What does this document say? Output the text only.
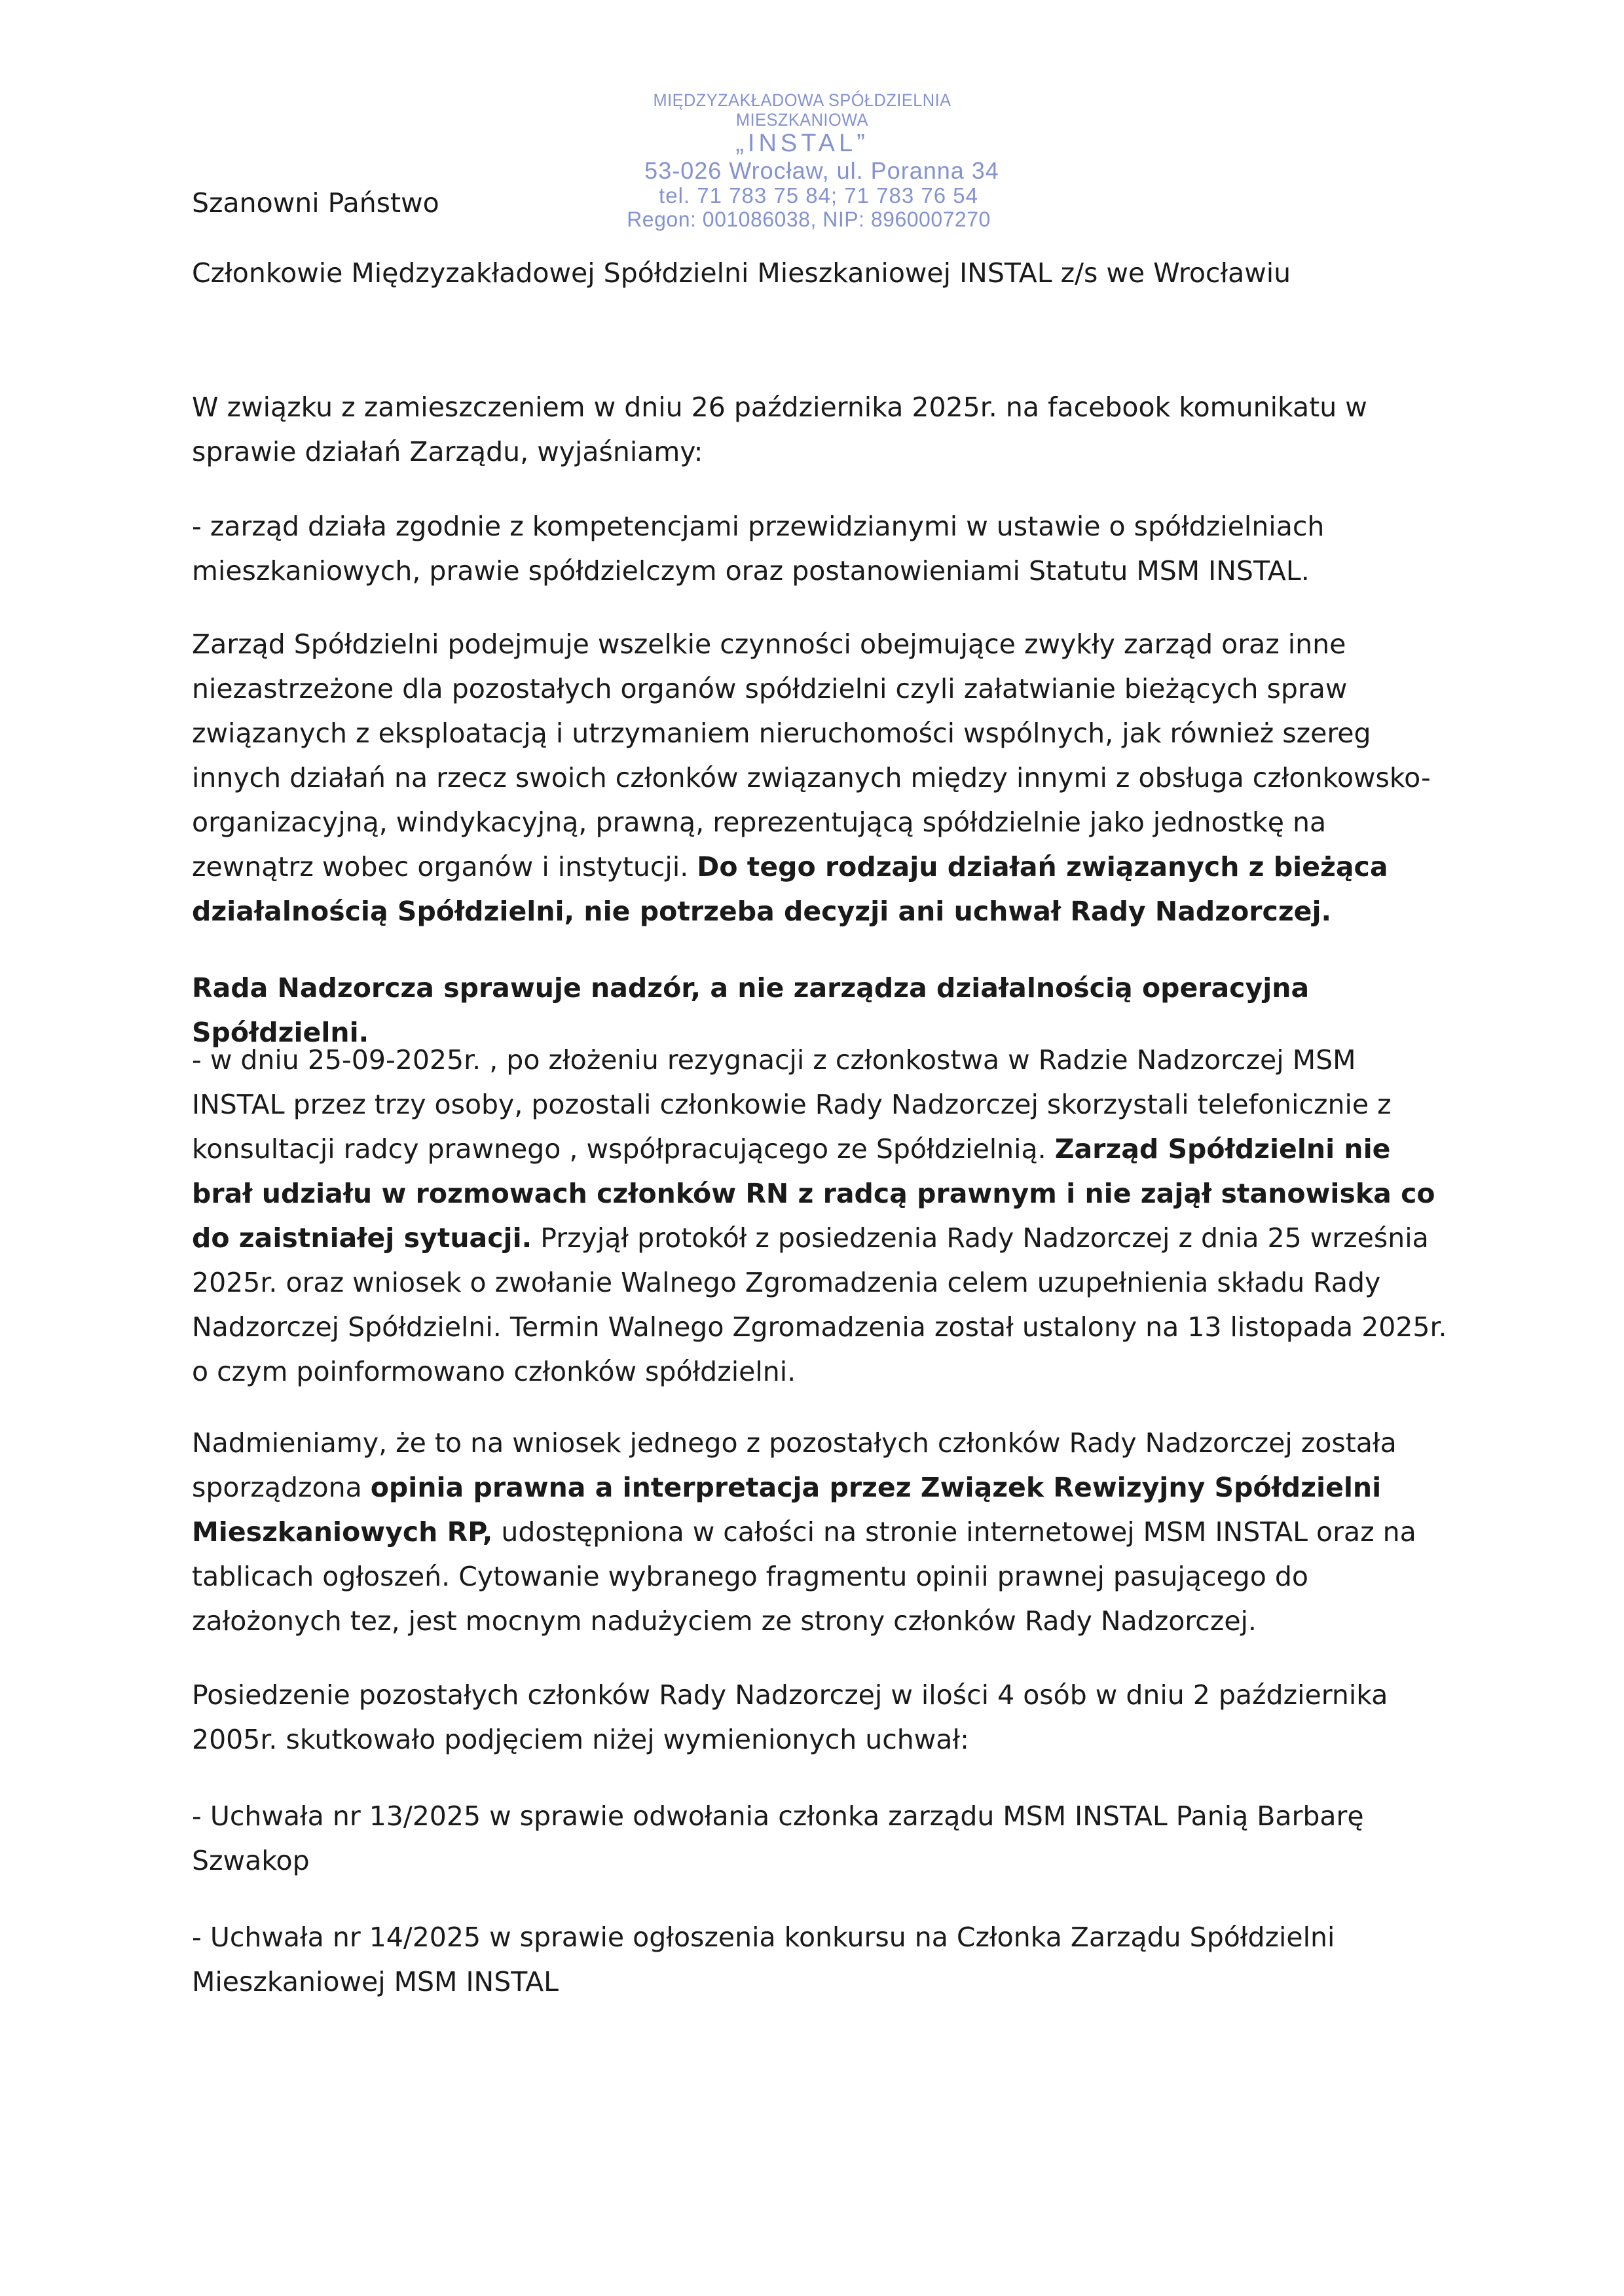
MIĘDZYZAKŁADOWA SPÓŁDZIELNIA MIESZKANIOWA
„INSTAL”
53-026 Wrocław, ul. Poranna 34
tel. 71 783 75 84; 71 783 76 54
Regon: 001086038, NIP: 8960007270

Szanowni Państwo

Członkowie Międzyzakładowej Spółdzielni Mieszkaniowej INSTAL z/s we Wrocławiu

W związku z zamieszczeniem w dniu 26 października 2025r. na facebook komunikatu w sprawie działań Zarządu, wyjaśniamy:

- zarząd działa zgodnie z kompetencjami przewidzianymi w ustawie o spółdzielniach mieszkaniowych, prawie spółdzielczym oraz postanowieniami Statutu MSM INSTAL.

Zarząd Spółdzielni podejmuje wszelkie czynności obejmujące zwykły zarząd oraz inne niezastrzeżone dla pozostałych organów spółdzielni czyli załatwianie bieżących spraw związanych z eksploatacją i utrzymaniem nieruchomości wspólnych, jak również szereg innych działań na rzecz swoich członków związanych między innymi z obsługa członkowsko-organizacyjną, windykacyjną, prawną, reprezentującą spółdzielnie jako jednostkę na zewnątrz wobec organów i instytucji. Do tego rodzaju działań związanych z bieżąca działalnością Spółdzielni, nie potrzeba decyzji ani uchwał Rady Nadzorczej.

Rada Nadzorcza sprawuje nadzór, a nie zarządza działalnością operacyjna Spółdzielni.

- w dniu 25-09-2025r. , po złożeniu rezygnacji z członkostwa w Radzie Nadzorczej MSM INSTAL przez trzy osoby, pozostali członkowie Rady Nadzorczej skorzystali telefonicznie z konsultacji radcy prawnego , współpracującego ze Spółdzielnią. Zarząd Spółdzielni nie brał udziału w rozmowach członków RN z radcą prawnym i nie zajął stanowiska co do zaistniałej sytuacji. Przyjął protokół z posiedzenia Rady Nadzorczej z dnia 25 września 2025r. oraz wniosek o zwołanie Walnego Zgromadzenia celem uzupełnienia składu Rady Nadzorczej Spółdzielni. Termin Walnego Zgromadzenia został ustalony na 13 listopada 2025r. o czym poinformowano członków spółdzielni.

Nadmieniamy, że to na wniosek jednego z pozostałych członków Rady Nadzorczej została sporządzona opinia prawna a interpretacja przez Związek Rewizyjny Spółdzielni Mieszkaniowych RP, udostępniona w całości na stronie internetowej MSM INSTAL oraz na tablicach ogłoszeń. Cytowanie wybranego fragmentu opinii prawnej pasującego do założonych tez, jest mocnym nadużyciem ze strony członków Rady Nadzorczej.

Posiedzenie pozostałych członków Rady Nadzorczej w ilości 4 osób w dniu 2 października 2005r. skutkowało podjęciem niżej wymienionych uchwał:

- Uchwała nr 13/2025 w sprawie odwołania członka zarządu MSM INSTAL Panią Barbarę Szwakop

- Uchwała nr 14/2025 w sprawie ogłoszenia konkursu na Członka Zarządu Spółdzielni Mieszkaniowej MSM INSTAL
